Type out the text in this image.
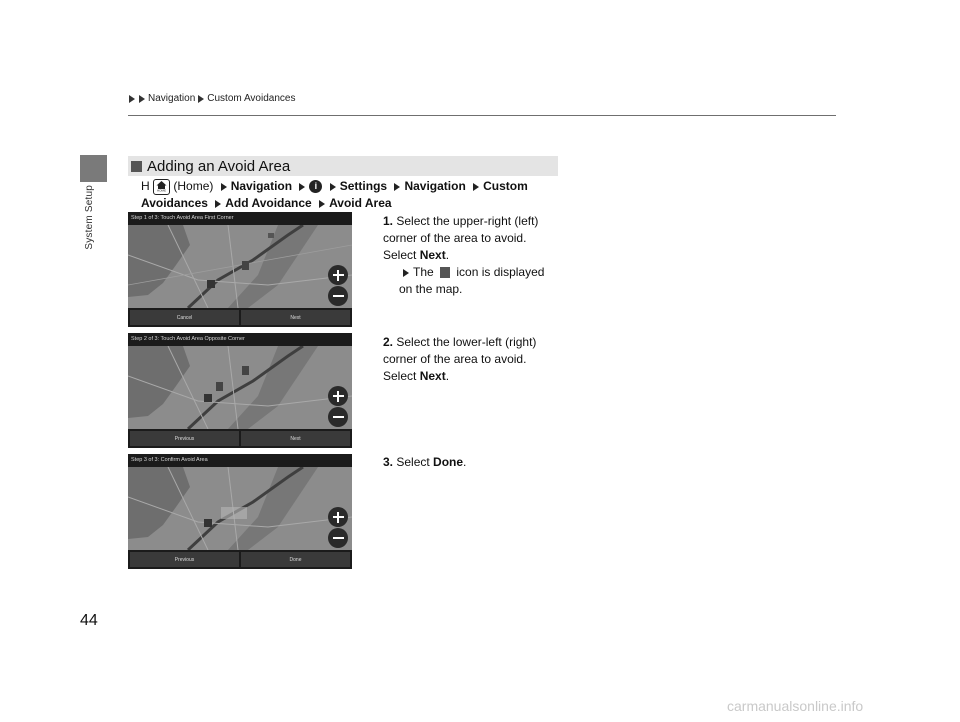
Navigation Custom Avoidances
System Setup
Adding an Avoid Area
H HOME (Home) Navigation	i Settings Navigation Custom
Avoidances Add Avoidance Avoid Area
Step 1 of 3: Touch Avoid Area First Corner
Cancel	Next
Step 2 of 3: Touch Avoid Area Opposite Corner
Previous	Next
Step 3 of 3: Confirm Avoid Area
Previous	Done
1. Select the upper-right (left) corner of the area to avoid. Select Next.
The icon is displayed on the map.
2. Select the lower-left (right) corner of the area to avoid. Select Next.
3. Select Done.
44
carmanualsonline.info
